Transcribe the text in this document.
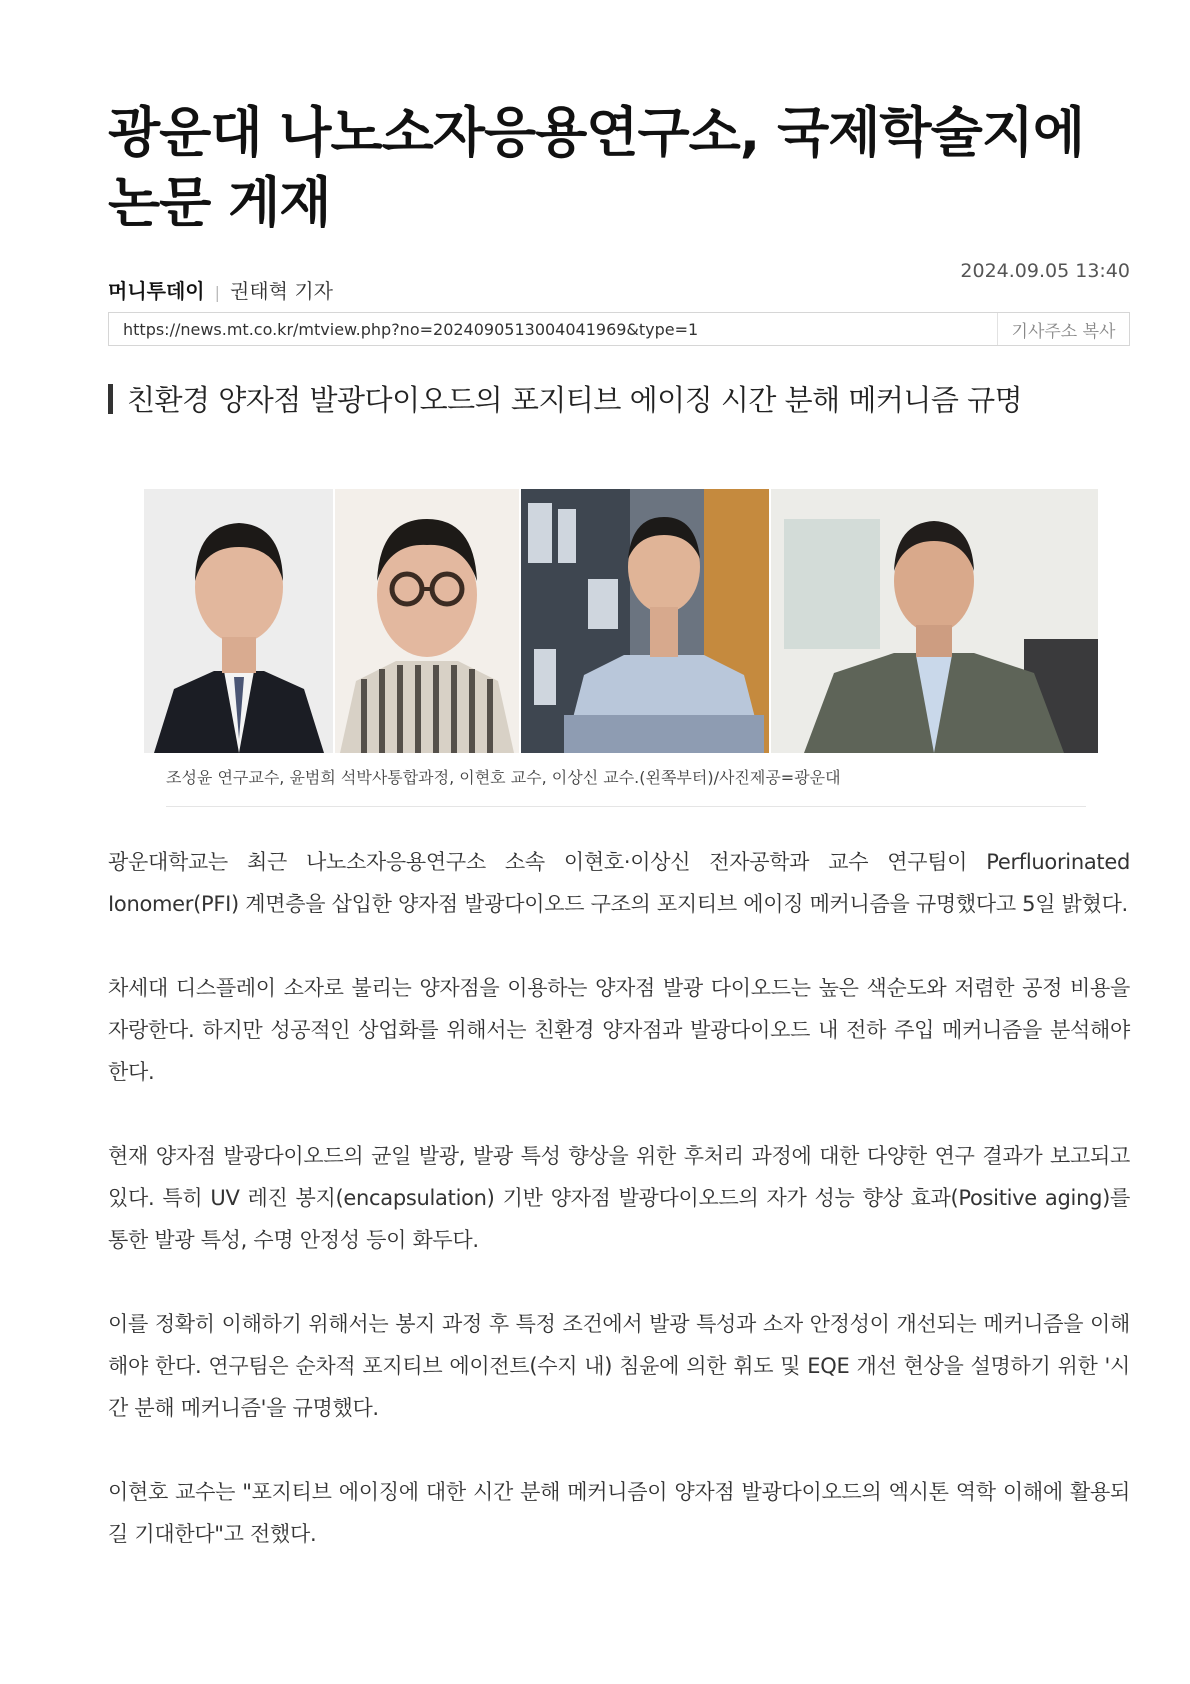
광운대 나노소자응용연구소, 국제학술지에 논문 게재
머니투데이 | 권태혁 기자
2024.09.05 13:40
https://news.mt.co.kr/mtview.php?no=2024090513004041969&type=1
기사주소 복사
친환경 양자점 발광다이오드의 포지티브 에이징 시간 분해 메커니즘 규명
조성윤 연구교수, 윤범희 석박사통합과정, 이현호 교수, 이상신 교수.(왼쪽부터)/사진제공=광운대

광운대학교는 최근 나노소자응용연구소 소속 이현호·이상신 전자공학과 교수 연구팀이 Perfluorinated Ionomer(PFI) 계면층을 삽입한 양자점 발광다이오드 구조의 포지티브 에이징 메커니즘을 규명했다고 5일 밝혔다.

차세대 디스플레이 소자로 불리는 양자점을 이용하는 양자점 발광 다이오드는 높은 색순도와 저렴한 공정 비용을 자랑한다. 하지만 성공적인 상업화를 위해서는 친환경 양자점과 발광다이오드 내 전하 주입 메커니즘을 분석해야 한다.

현재 양자점 발광다이오드의 균일 발광, 발광 특성 향상을 위한 후처리 과정에 대한 다양한 연구 결과가 보고되고 있다. 특히 UV 레진 봉지(encapsulation) 기반 양자점 발광다이오드의 자가 성능 향상 효과(Positive aging)를 통한 발광 특성, 수명 안정성 등이 화두다.

이를 정확히 이해하기 위해서는 봉지 과정 후 특정 조건에서 발광 특성과 소자 안정성이 개선되는 메커니즘을 이해해야 한다. 연구팀은 순차적 포지티브 에이전트(수지 내) 침윤에 의한 휘도 및 EQE 개선 현상을 설명하기 위한 '시간 분해 메커니즘'을 규명했다.

이현호 교수는 "포지티브 에이징에 대한 시간 분해 메커니즘이 양자점 발광다이오드의 엑시톤 역학 이해에 활용되길 기대한다"고 전했다.
